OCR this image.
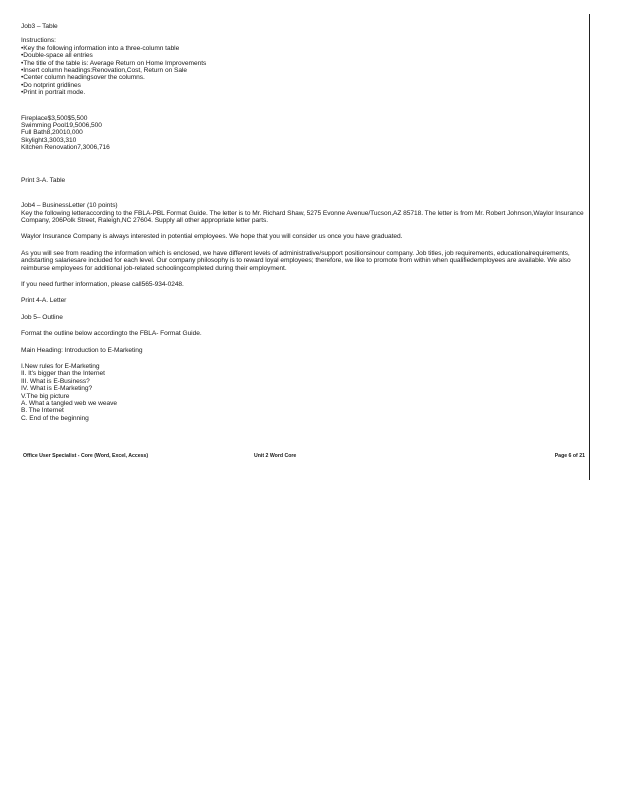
Job3 – Table
Instructions:
•Key the following information into a three-column table
•Double-space all entries
•The title of the table is: Average Return on Home Improvements
•Insert column headings:Renovation,Cost, Return on Sale
•Center column headingsover the columns.
•Do notprint gridlines
•Print in portrait mode.
Fireplace$3,500$5,500
Swimming Pool19,5006,500
Full Bath8,20010,000
Skylight3,3003,310
Kitchen Renovation7,3006,716
Print 3-A. Table
Job4 – BusinessLetter (10 points)
Key the following letteraccording to the FBLA-PBL Format Guide. The letter is to Mr. Richard Shaw, 5275 Evonne Avenue/Tucson,AZ 85718. The letter is from Mr. Robert Johnson,Waylor Insurance Company, 206Polk Street, Raleigh,NC 27604. Supply all other appropriate letter parts.
Waylor Insurance Company is always interested in potential employees. We hope that you will consider us once you have graduated.
As you will see from reading the information which is enclosed, we have different levels of administrative/support positionsinour company. Job titles, job requirements, educationalrequirements, andstarting salariesare included for each level. Our company philosophy is to reward loyal employees; therefore, we like to promote from within when qualifiedemployees are available. We also reimburse employees for additional job-related schoolingcompleted during their employment.
If you need further information, please call565-934-0248.
Print 4-A. Letter
Job 5– Outline
Format the outline below accordingto the FBLA- Format Guide.
Main Heading: Introduction to E-Marketing
I.New rules for E-Marketing
II. It's bigger than the Internet
III. What is E-Business?
IV. What is E-Marketing?
V.The big picture
A. What a tangled web we weave
B. The Internet
C. End of the beginning
Office User Specialist - Core (Word, Excel, Access)	Unit 2 Word Core	Page 6 of 21
